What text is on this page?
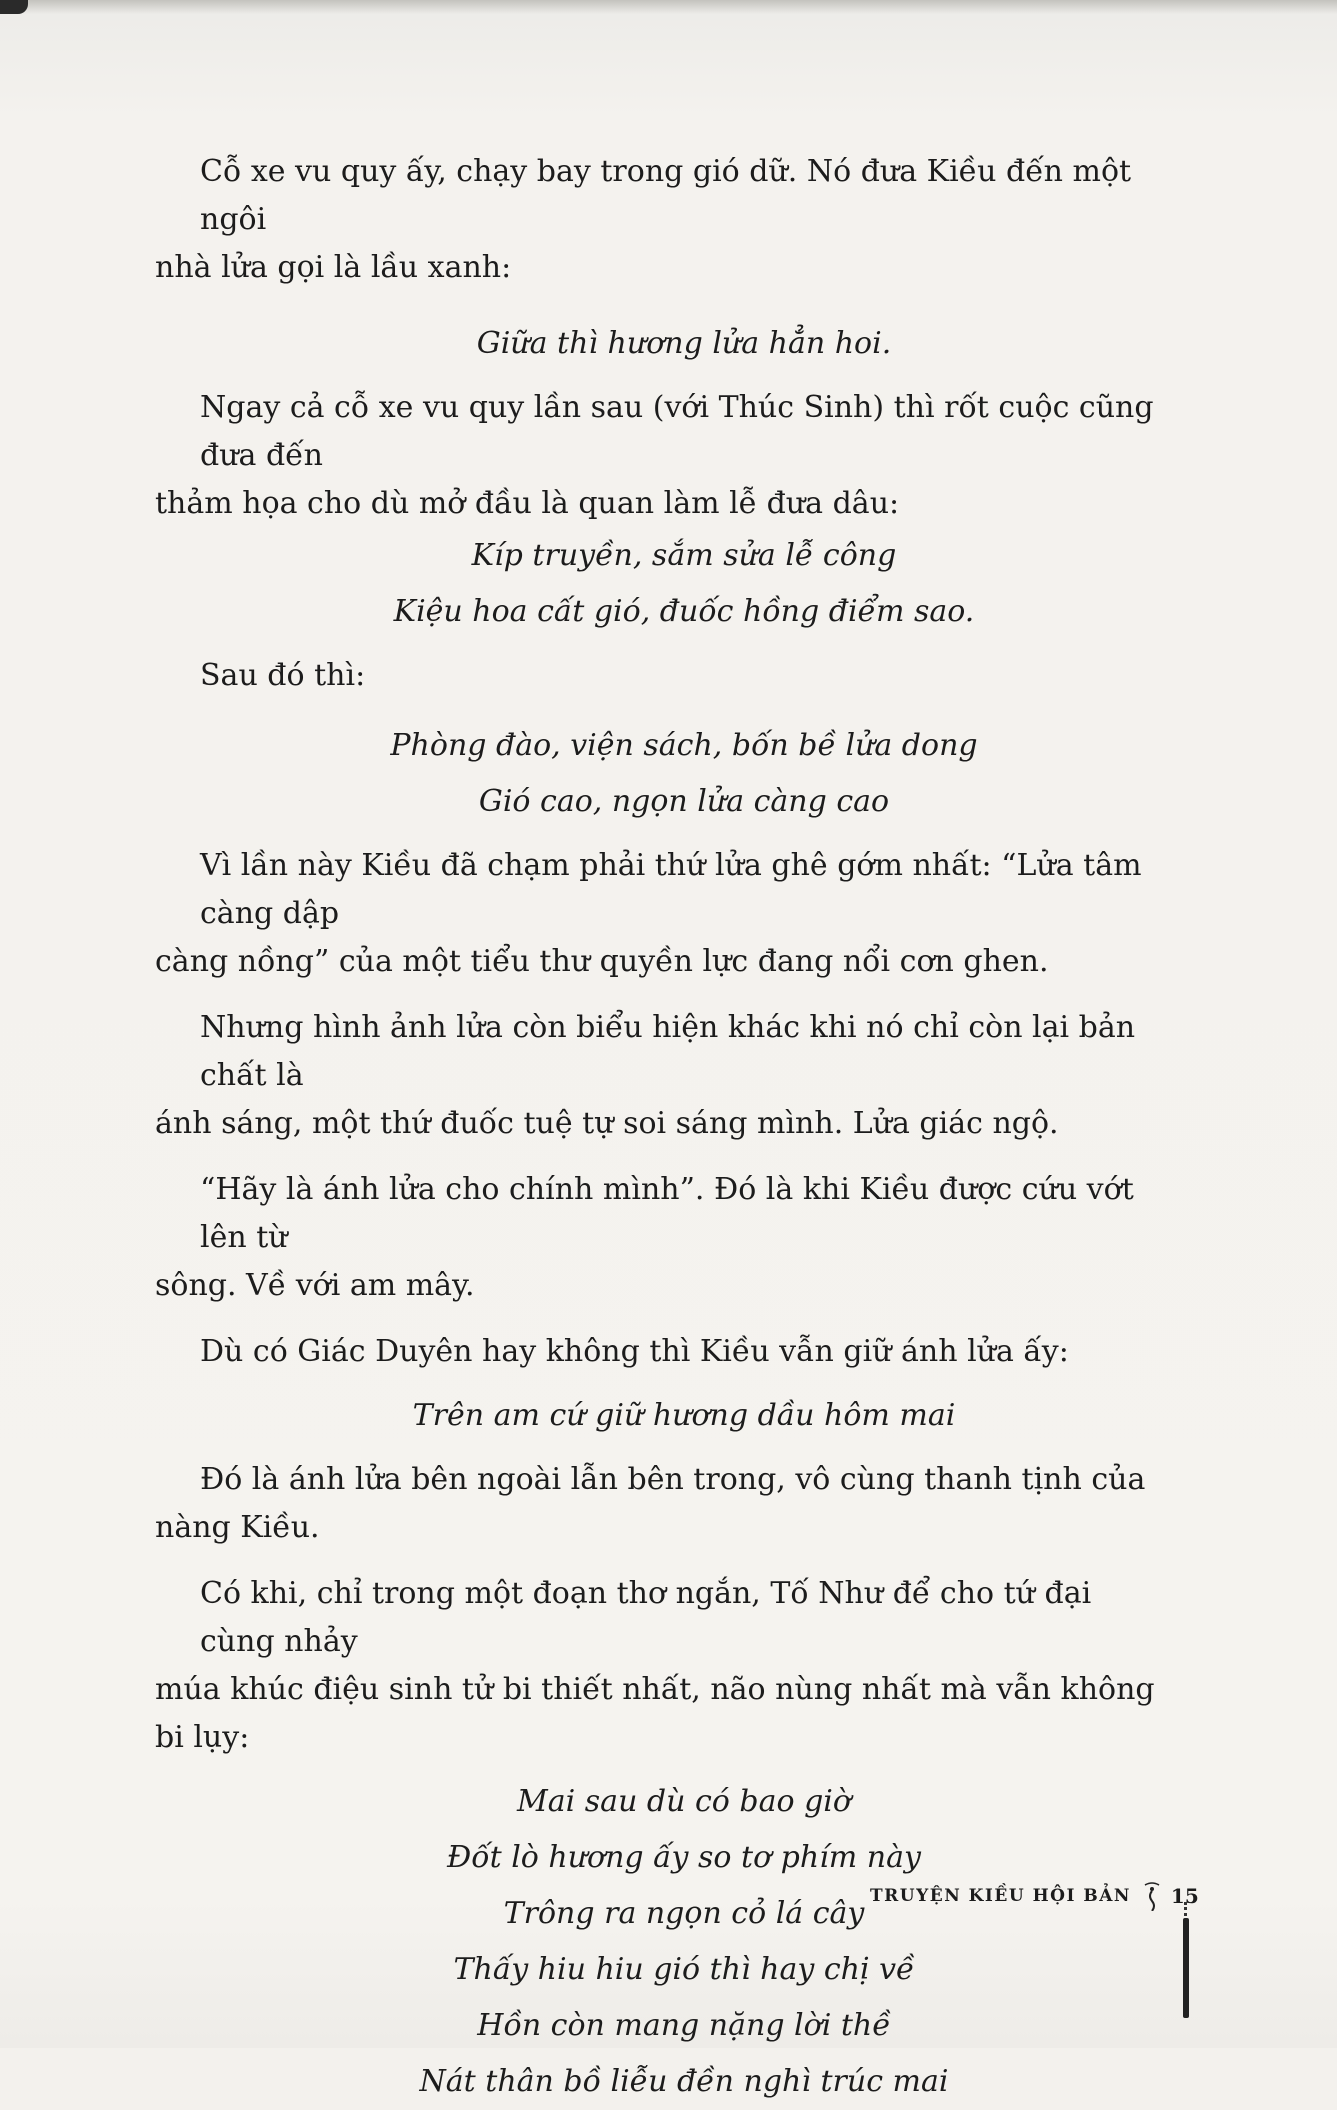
Cỗ xe vu quy ấy, chạy bay trong gió dữ. Nó đưa Kiều đến một ngôi

nhà lửa gọi là lầu xanh:

Giữa thì hương lửa hẳn hoi.

Ngay cả cỗ xe vu quy lần sau (với Thúc Sinh) thì rốt cuộc cũng đưa đến

thảm họa cho dù mở đầu là quan làm lễ đưa dâu:

Kíp truyền, sắm sửa lễ công

Kiệu hoa cất gió, đuốc hồng điểm sao.

Sau đó thì:

Phòng đào, viện sách, bốn bề lửa dong

Gió cao, ngọn lửa càng cao

Vì lần này Kiều đã chạm phải thứ lửa ghê gớm nhất: “Lửa tâm càng dập

càng nồng” của một tiểu thư quyền lực đang nổi cơn ghen.

Nhưng hình ảnh lửa còn biểu hiện khác khi nó chỉ còn lại bản chất là

ánh sáng, một thứ đuốc tuệ tự soi sáng mình. Lửa giác ngộ.

“Hãy là ánh lửa cho chính mình”. Đó là khi Kiều được cứu vớt lên từ

sông. Về với am mây.

Dù có Giác Duyên hay không thì Kiều vẫn giữ ánh lửa ấy:

Trên am cứ giữ hương dầu hôm mai

Đó là ánh lửa bên ngoài lẫn bên trong, vô cùng thanh tịnh của

nàng Kiều.

Có khi, chỉ trong một đoạn thơ ngắn, Tố Như để cho tứ đại cùng nhảy

múa khúc điệu sinh tử bi thiết nhất, não nùng nhất mà vẫn không bi lụy:

Mai sau dù có bao giờ

Đốt lò hương ấy so tơ phím này

Trông ra ngọn cỏ lá cây

Thấy hiu hiu gió thì hay chị về

Hồn còn mang nặng lời thề

Nát thân bồ liễu đền nghì trúc mai

TRUYỆN KIỀU HỘI BẢN 15
